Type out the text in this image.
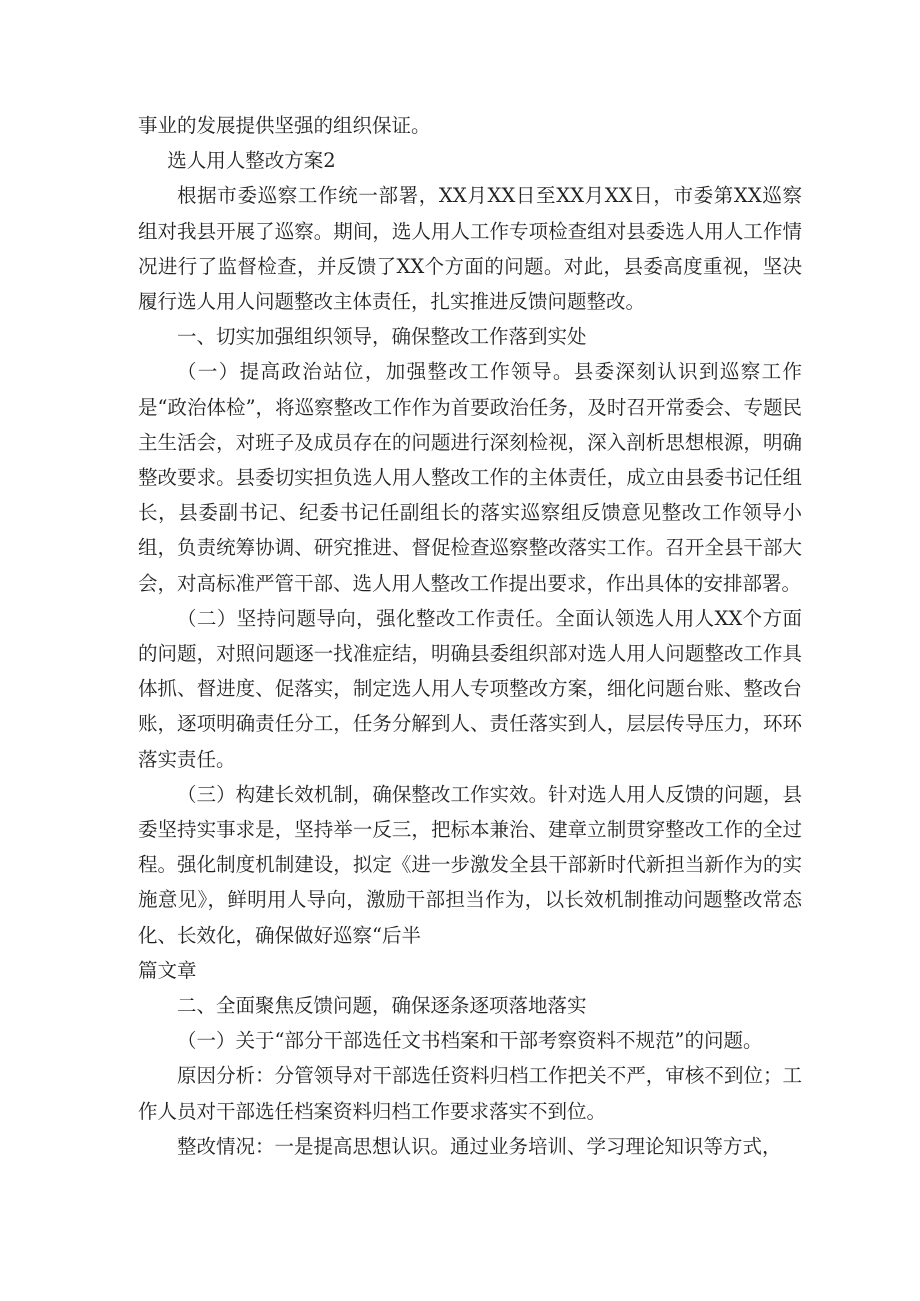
事业的发展提供坚强的组织保证。

选人用人整改方案2

根据市委巡察工作统一部署，XX月XX日至XX月XX日，市委第XX巡察组对我县开展了巡察。期间，选人用人工作专项检查组对县委选人用人工作情况进行了监督检查，并反馈了XX个方面的问题。对此，县委高度重视，坚决履行选人用人问题整改主体责任，扎实推进反馈问题整改。

一、切实加强组织领导，确保整改工作落到实处

（一）提高政治站位，加强整改工作领导。县委深刻认识到巡察工作是“政治体检”，将巡察整改工作作为首要政治任务，及时召开常委会、专题民主生活会，对班子及成员存在的问题进行深刻检视，深入剖析思想根源，明确整改要求。县委切实担负选人用人整改工作的主体责任，成立由县委书记任组长，县委副书记、纪委书记任副组长的落实巡察组反馈意见整改工作领导小组，负责统筹协调、研究推进、督促检查巡察整改落实工作。召开全县干部大会，对高标准严管干部、选人用人整改工作提出要求，作出具体的安排部署。

（二）坚持问题导向，强化整改工作责任。全面认领选人用人XX个方面的问题，对照问题逐一找准症结，明确县委组织部对选人用人问题整改工作具体抓、督进度、促落实，制定选人用人专项整改方案，细化问题台账、整改台账，逐项明确责任分工，任务分解到人、责任落实到人，层层传导压力，环环落实责任。

（三）构建长效机制，确保整改工作实效。针对选人用人反馈的问题，县委坚持实事求是，坚持举一反三，把标本兼治、建章立制贯穿整改工作的全过程。强化制度机制建设，拟定《进一步激发全县干部新时代新担当新作为的实施意见》，鲜明用人导向，激励干部担当作为，以长效机制推动问题整改常态化、长效化，确保做好巡察“后半

篇文章

二、全面聚焦反馈问题，确保逐条逐项落地落实

（一）关于“部分干部选任文书档案和干部考察资料不规范”的问题。

原因分析：分管领导对干部选任资料归档工作把关不严，审核不到位；工作人员对干部选任档案资料归档工作要求落实不到位。

整改情况：一是提高思想认识。通过业务培训、学习理论知识等方式，
